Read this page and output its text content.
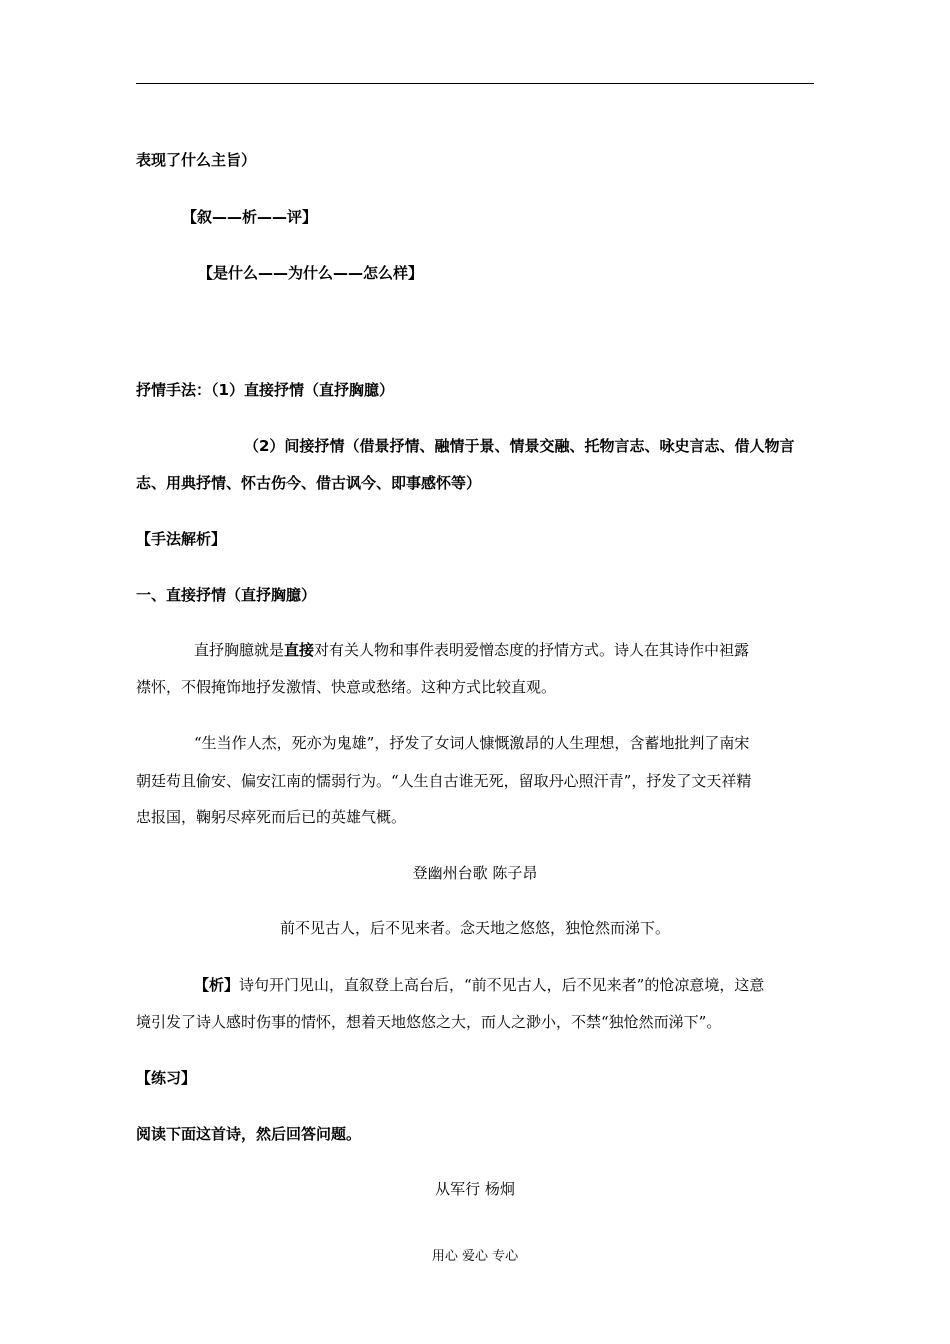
表现了什么主旨）
【叙——析——评】
【是什么——为什么——怎么样】
抒情手法：（1）直接抒情（直抒胸臆）
（2）间接抒情（借景抒情、融情于景、情景交融、托物言志、咏史言志、借人物言
志、用典抒情、怀古伤今、借古讽今、即事感怀等）
【手法解析】
一、直接抒情（直抒胸臆）
直抒胸臆就是直接对有关人物和事件表明爱憎态度的抒情方式。诗人在其诗作中袒露
襟怀，不假掩饰地抒发激情、快意或愁绪。这种方式比较直观。
“生当作人杰，死亦为鬼雄”，抒发了女词人慷慨激昂的人生理想，含蓄地批判了南宋
朝廷苟且偷安、偏安江南的懦弱行为。“人生自古谁无死，留取丹心照汗青”，抒发了文天祥精
忠报国，鞠躬尽瘁死而后已的英雄气概。
登幽州台歌 陈子昂
前不见古人，后不见来者。念天地之悠悠，独怆然而涕下。
【析】诗句开门见山，直叙登上高台后，“前不见古人，后不见来者”的怆凉意境，这意
境引发了诗人感时伤事的情怀，想着天地悠悠之大，而人之渺小，不禁“独怆然而涕下”。
【练习】
阅读下面这首诗，然后回答问题。
从军行 杨炯
用心 爱心 专心
